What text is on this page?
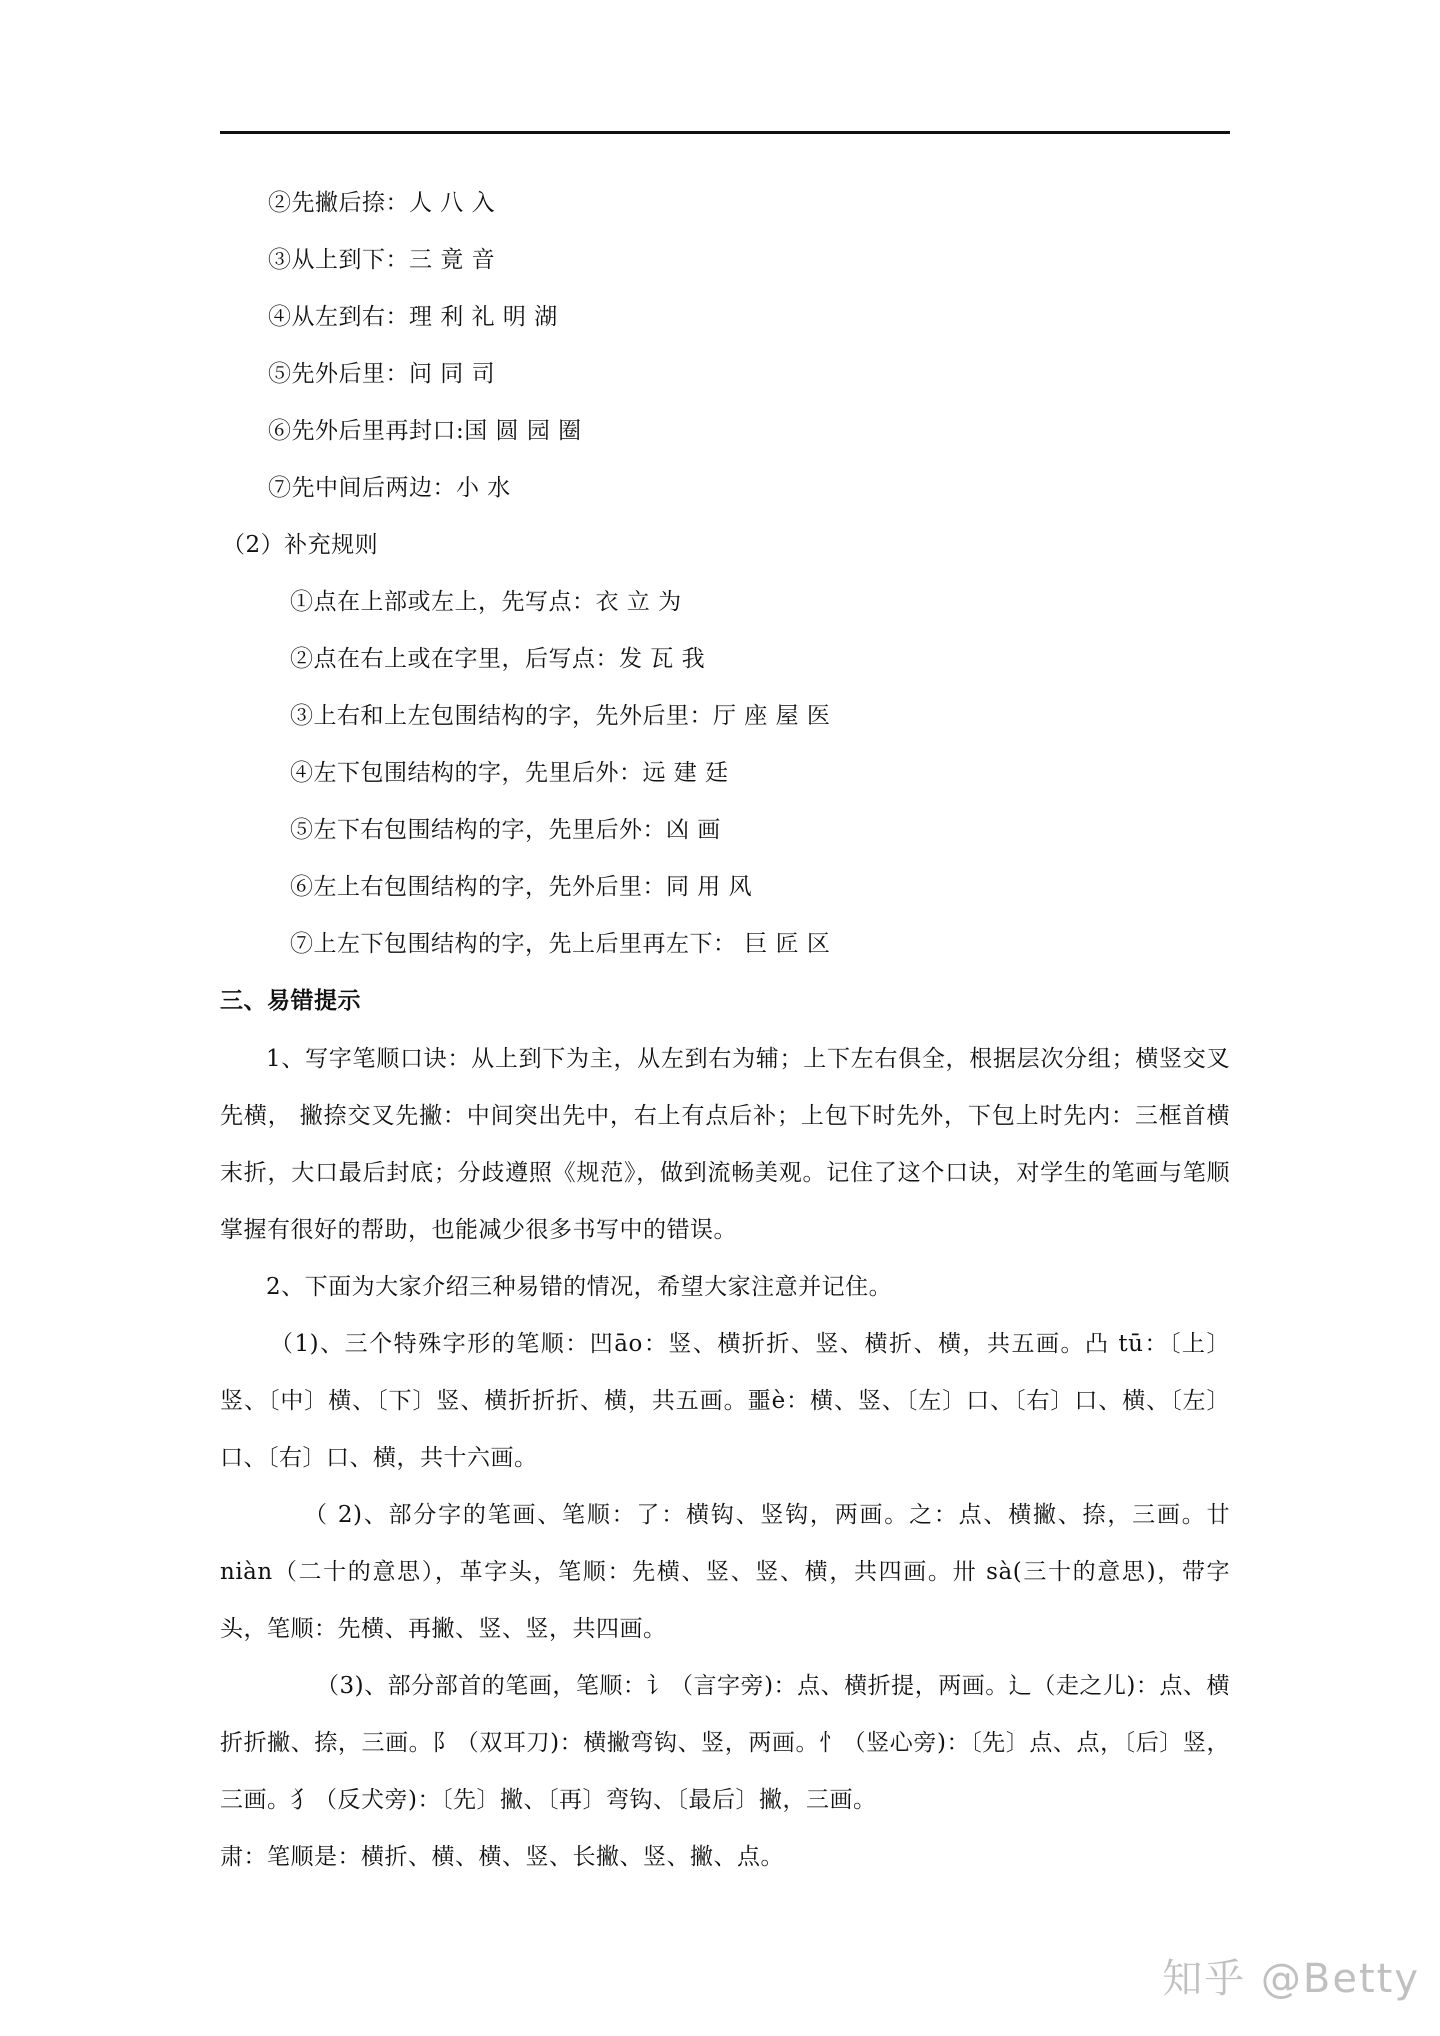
②先撇后捺：人 八 入
③从上到下：三 竟 音
④从左到右：理 利 礼 明 湖
⑤先外后里：问 同 司
⑥先外后里再封口:国 圆 园 圈
⑦先中间后两边：小 水
（2）补充规则
①点在上部或左上，先写点：衣 立 为
②点在右上或在字里，后写点：发 瓦 我
③上右和上左包围结构的字，先外后里：厅 座 屋 医
④左下包围结构的字，先里后外：远 建 廷
⑤左下右包围结构的字，先里后外：凶 画
⑥左上右包围结构的字，先外后里：同 用 风
⑦上左下包围结构的字，先上后里再左下： 巨 匠 区
三、易错提示
1、写字笔顺口诀：从上到下为主，从左到右为辅；上下左右俱全，根据层次分组；横竖交叉先横， 撇捺交叉先撇：中间突出先中，右上有点后补；上包下时先外，下包上时先内：三框首横末折，大口最后封底；分歧遵照《规范》，做到流畅美观。记住了这个口诀，对学生的笔画与笔顺掌握有很好的帮助，也能减少很多书写中的错误。
2、下面为大家介绍三种易错的情况，希望大家注意并记住。
（1)、三个特殊字形的笔顺：凹āo：竖、横折折、竖、横折、横，共五画。凸 tū：〔上〕竖、〔中〕横、〔下〕竖、横折折折、横，共五画。噩è：横、竖、〔左〕口、〔右〕口、横、〔左〕口、〔右〕口、横，共十六画。
（ 2)、部分字的笔画、笔顺：了：横钩、竖钩，两画。之：点、横撇、捺，三画。廿 niàn（二十的意思），革字头，笔顺：先横、竖、竖、横，共四画。卅 sà(三十的意思)，带字头，笔顺：先横、再撇、竖、竖，共四画。
（3)、部分部首的笔画，笔顺：讠（言字旁)：点、横折提，两画。辶（走之儿)：点、横折折撇、捺，三画。阝（双耳刀)：横撇弯钩、竖，两画。忄（竖心旁)：〔先〕点、点，〔后〕竖，三画。犭（反犬旁)：〔先〕撇、〔再〕弯钩、〔最后〕撇，三画。
肃：笔顺是：横折、横、横、竖、长撇、竖、撇、点。
知乎 @Betty
